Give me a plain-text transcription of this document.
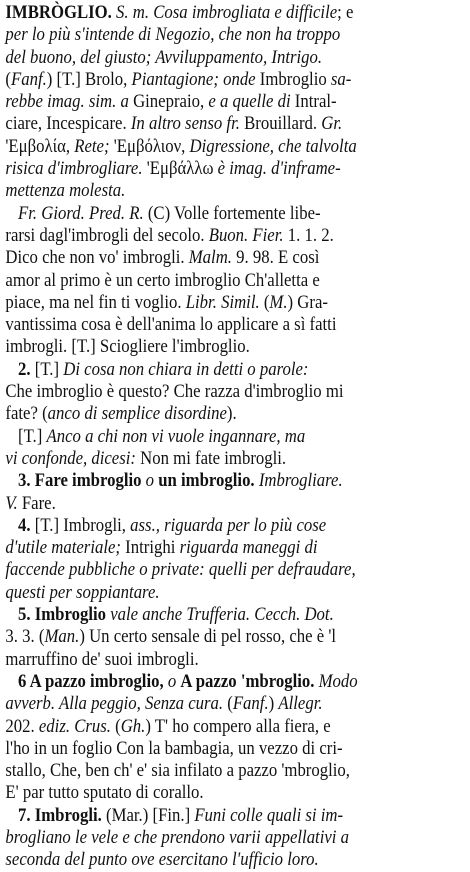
IMBRÒGLIO. S. m. Cosa imbrogliata e difficile; e
per lo più s'intende di Negozio, che non ha troppo
del buono, del giusto; Avviluppamento, Intrigo.
(Fanf.) [T.] Brolo, Piantagione; onde Imbroglio sa-
rebbe imag. sim. a Ginepraio, e a quelle di Intral-
ciare, Incespicare. In altro senso fr. Brouillard. Gr.
'Εμβολία, Rete; 'Εμβόλιον, Digressione, che talvolta
risica d'imbrogliare. 'Εμβάλλω è imag. d'inframe-
mettenza molesta.
Fr. Giord. Pred. R. (C) Volle fortemente libe-
rarsi dagl'imbrogli del secolo. Buon. Fier. 1. 1. 2.
Dico che non vo' imbrogli. Malm. 9. 98. E così
amor al primo è un certo imbroglio Ch'alletta e
piace, ma nel fin ti voglio. Libr. Simil. (M.) Gra-
vantissima cosa è dell'anima lo applicare a sì fatti
imbrogli. [T.] Sciogliere l'imbroglio.
2. [T.] Di cosa non chiara in detti o parole:
Che imbroglio è questo? Che razza d'imbroglio mi
fate? (anco di semplice disordine).
[T.] Anco a chi non vi vuole ingannare, ma
vi confonde, dicesi: Non mi fate imbrogli.
3. Fare imbroglio o un imbroglio. Imbrogliare.
V. Fare.
4. [T.] Imbrogli, ass., riguarda per lo più cose
d'utile materiale; Intrighi riguarda maneggi di
faccende pubbliche o private: quelli per defraudare,
questi per soppiantare.
5. Imbroglio vale anche Trufferia. Cecch. Dot.
3. 3. (Man.) Un certo sensale di pel rosso, che è 'l
marruffino de' suoi imbrogli.
6 A pazzo imbroglio, o A pazzo 'mbroglio. Modo
avverb. Alla peggio, Senza cura. (Fanf.) Allegr.
202. ediz. Crus. (Gh.) T' ho compero alla fiera, e
l'ho in un foglio Con la bambagia, un vezzo di cri-
stallo, Che, ben ch' e' sia infilato a pazzo 'mbroglio,
E' par tutto sputato di corallo.
7. Imbrogli. (Mar.) [Fin.] Funi colle quali si im-
brogliano le vele e che prendono varii appellativi a
seconda del punto ove esercitano l'ufficio loro.
